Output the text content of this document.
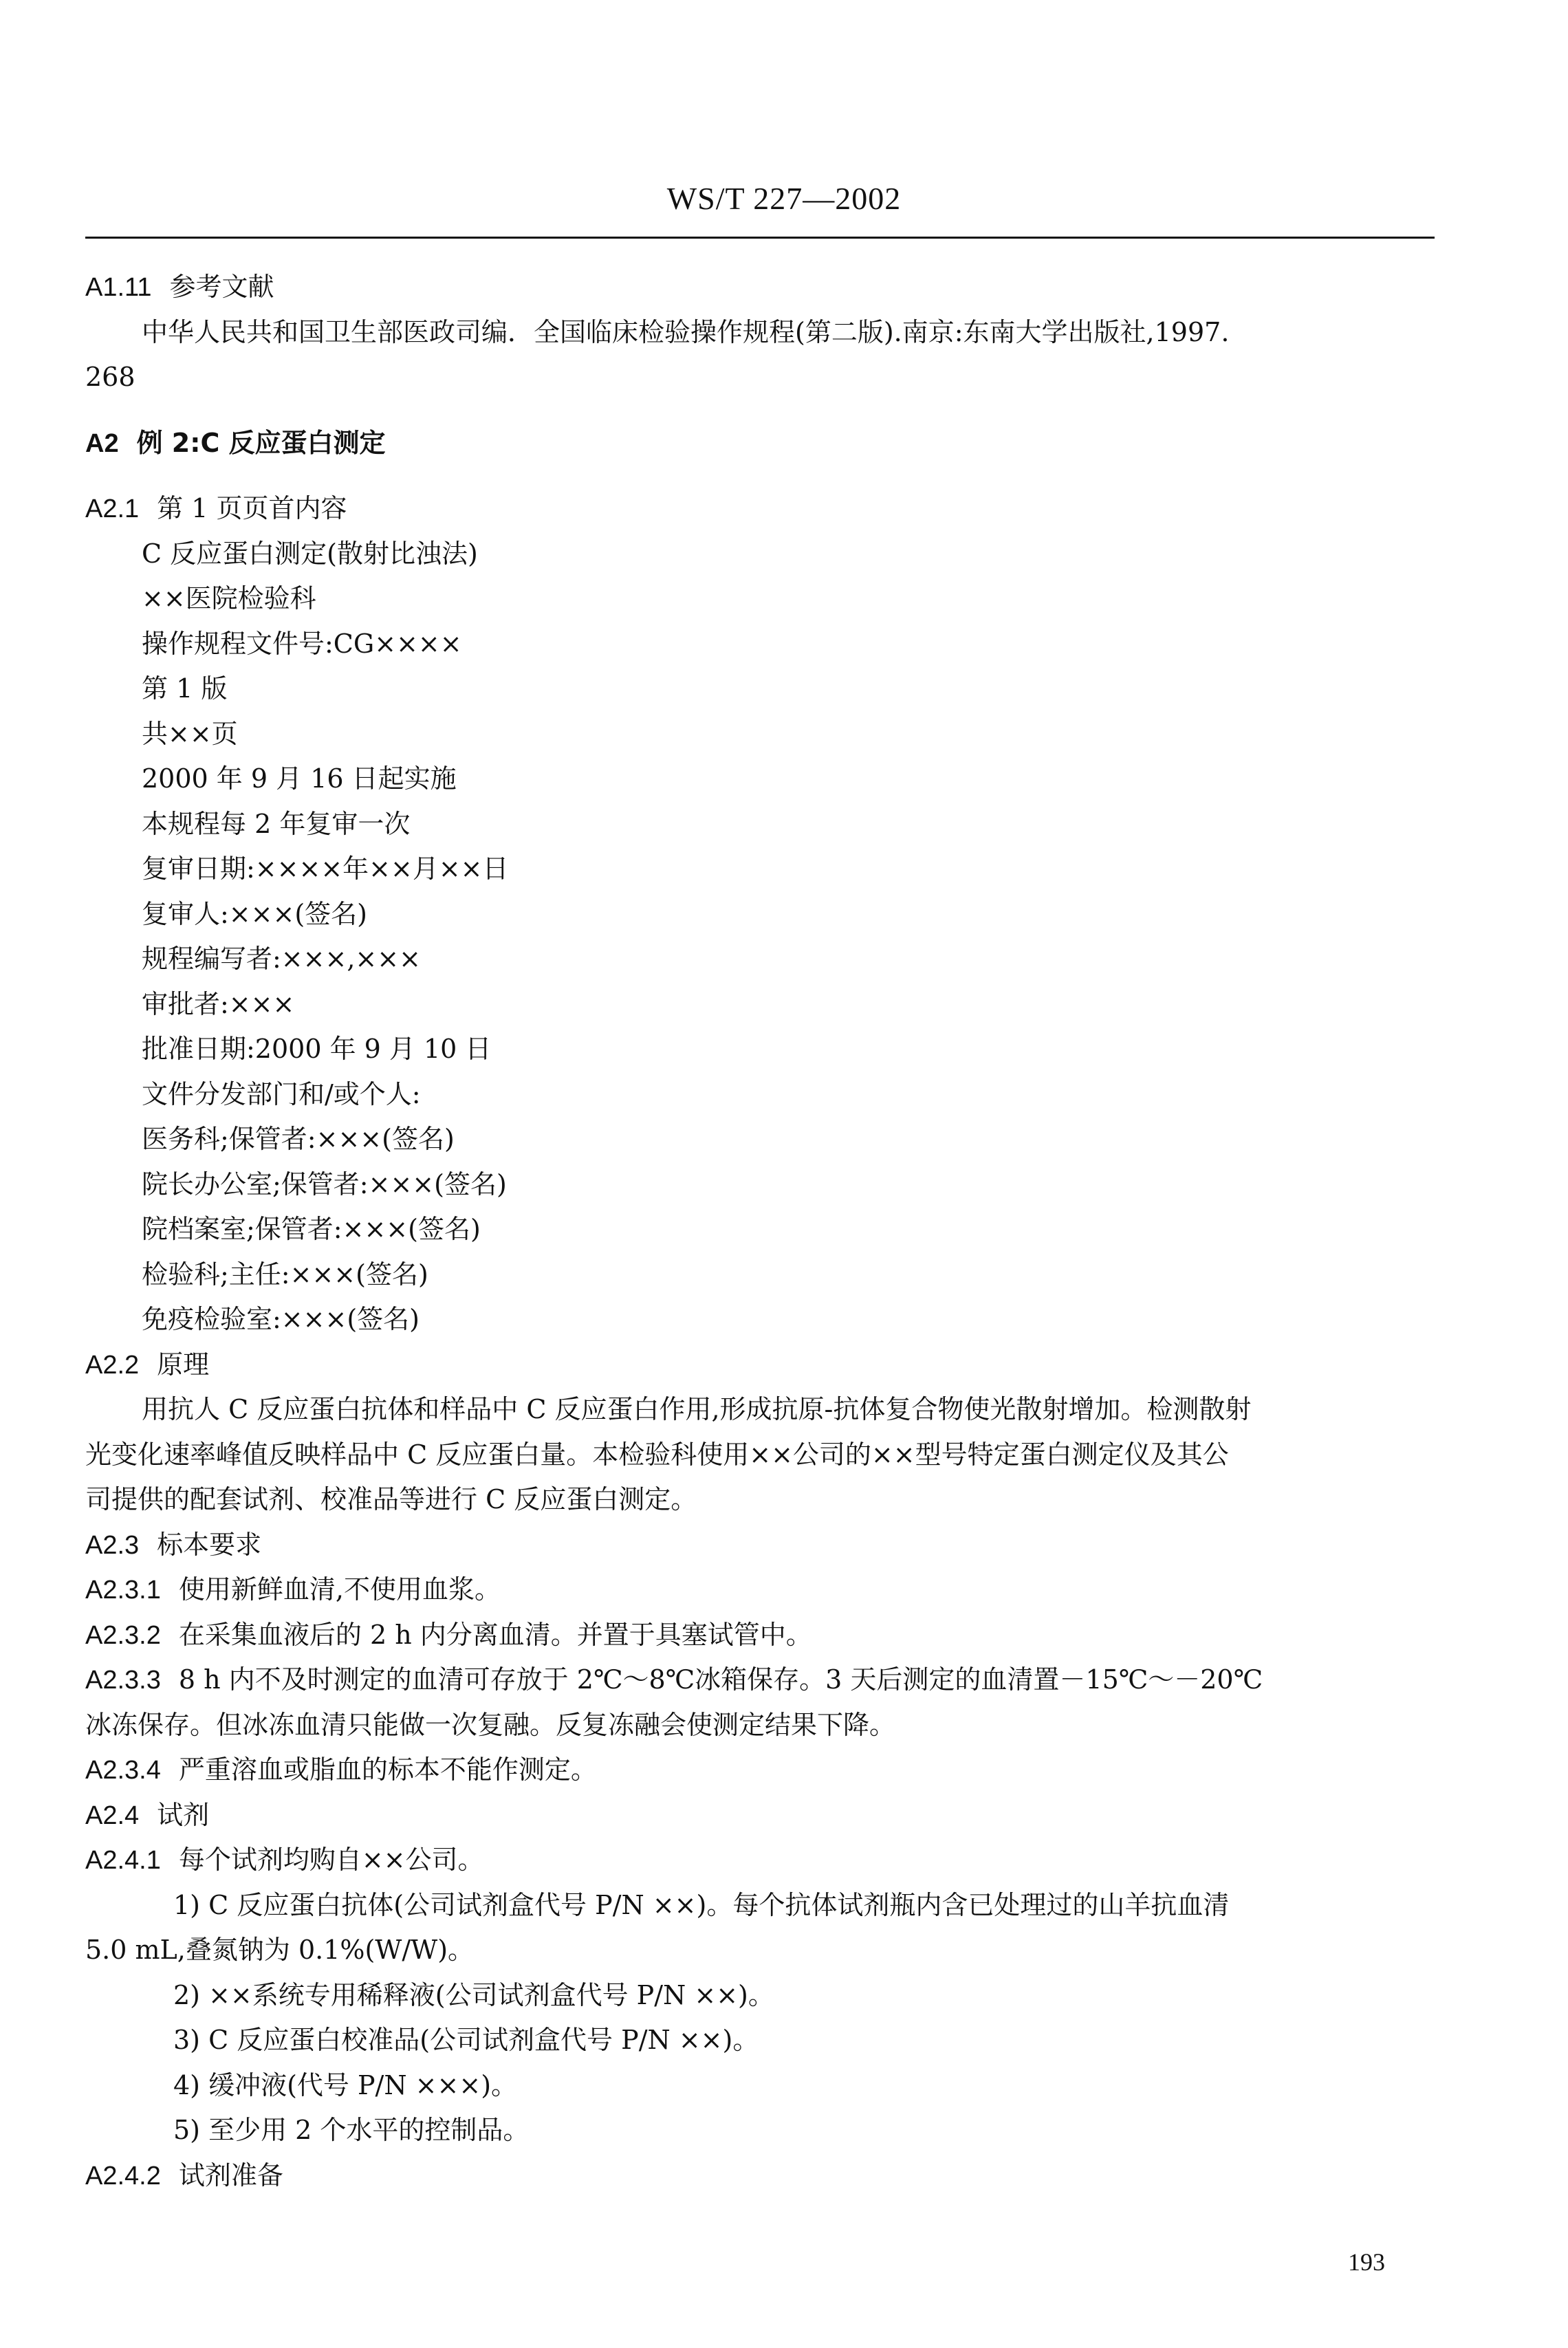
WS/T 227—2002
A1.11 参考文献
中华人民共和国卫生部医政司编．全国临床检验操作规程(第二版).南京:东南大学出版社,1997.
268
A2 例 2:C 反应蛋白测定
A2.1 第 1 页页首内容
C 反应蛋白测定(散射比浊法)
××医院检验科
操作规程文件号:CG××××
第 1 版
共××页
2000 年 9 月 16 日起实施
本规程每 2 年复审一次
复审日期:××××年××月××日
复审人:×××(签名)
规程编写者:×××,×××
审批者:×××
批准日期:2000 年 9 月 10 日
文件分发部门和/或个人:
医务科;保管者:×××(签名)
院长办公室;保管者:×××(签名)
院档案室;保管者:×××(签名)
检验科;主任:×××(签名)
免疫检验室:×××(签名)
A2.2 原理
用抗人 C 反应蛋白抗体和样品中 C 反应蛋白作用,形成抗原-抗体复合物使光散射增加。检测散射
光变化速率峰值反映样品中 C 反应蛋白量。本检验科使用××公司的××型号特定蛋白测定仪及其公
司提供的配套试剂、校准品等进行 C 反应蛋白测定。
A2.3 标本要求
A2.3.1 使用新鲜血清,不使用血浆。
A2.3.2 在采集血液后的 2 h 内分离血清。并置于具塞试管中。
A2.3.3 8 h 内不及时测定的血清可存放于 2℃～8℃冰箱保存。3 天后测定的血清置－15℃～－20℃
冰冻保存。但冰冻血清只能做一次复融。反复冻融会使测定结果下降。
A2.3.4 严重溶血或脂血的标本不能作测定。
A2.4 试剂
A2.4.1 每个试剂均购自××公司。
1) C 反应蛋白抗体(公司试剂盒代号 P/N ××)。每个抗体试剂瓶内含已处理过的山羊抗血清
5.0 mL,叠氮钠为 0.1%(W/W)。
2) ××系统专用稀释液(公司试剂盒代号 P/N ××)。
3) C 反应蛋白校准品(公司试剂盒代号 P/N ××)。
4) 缓冲液(代号 P/N ×××)。
5) 至少用 2 个水平的控制品。
A2.4.2 试剂准备
193
